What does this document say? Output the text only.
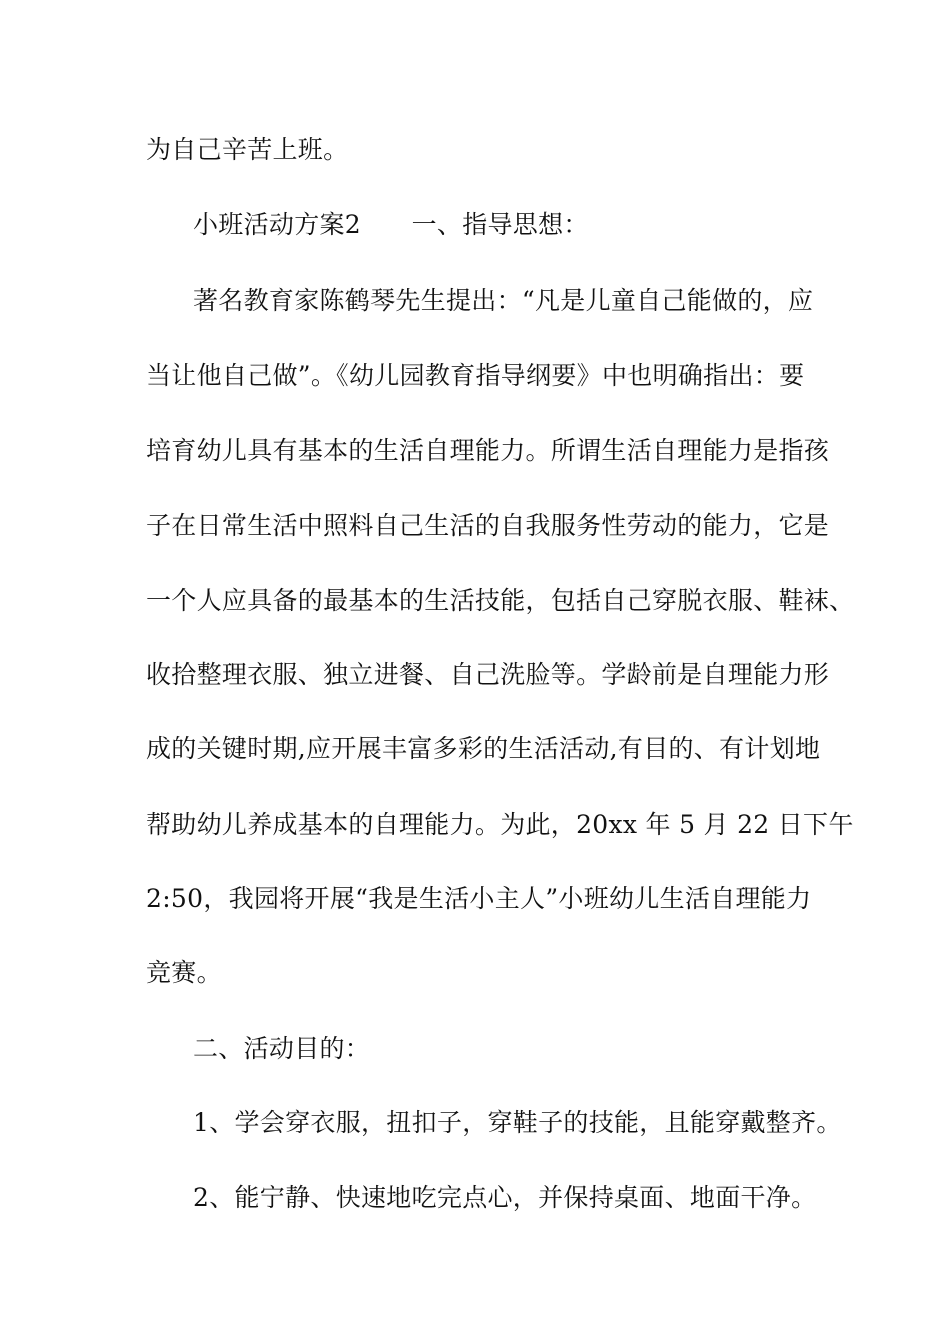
为自己辛苦上班。
小班活动方案2　　一、指导思想：
著名教育家陈鹤琴先生提出：“凡是儿童自己能做的，应
当让他自己做”。《幼儿园教育指导纲要》中也明确指出：要
培育幼儿具有基本的生活自理能力。所谓生活自理能力是指孩
子在日常生活中照料自己生活的自我服务性劳动的能力，它是
一个人应具备的最基本的生活技能，包括自己穿脱衣服、鞋袜、
收拾整理衣服、独立进餐、自己洗脸等。学龄前是自理能力形
成的关键时期,应开展丰富多彩的生活活动,有目的、有计划地
帮助幼儿养成基本的自理能力。为此，20xx 年 5 月 22 日下午
2:50，我园将开展“我是生活小主人”小班幼儿生活自理能力
竞赛。
二、活动目的：
1、学会穿衣服，扭扣子，穿鞋子的技能，且能穿戴整齐。
2、能宁静、快速地吃完点心，并保持桌面、地面干净。
